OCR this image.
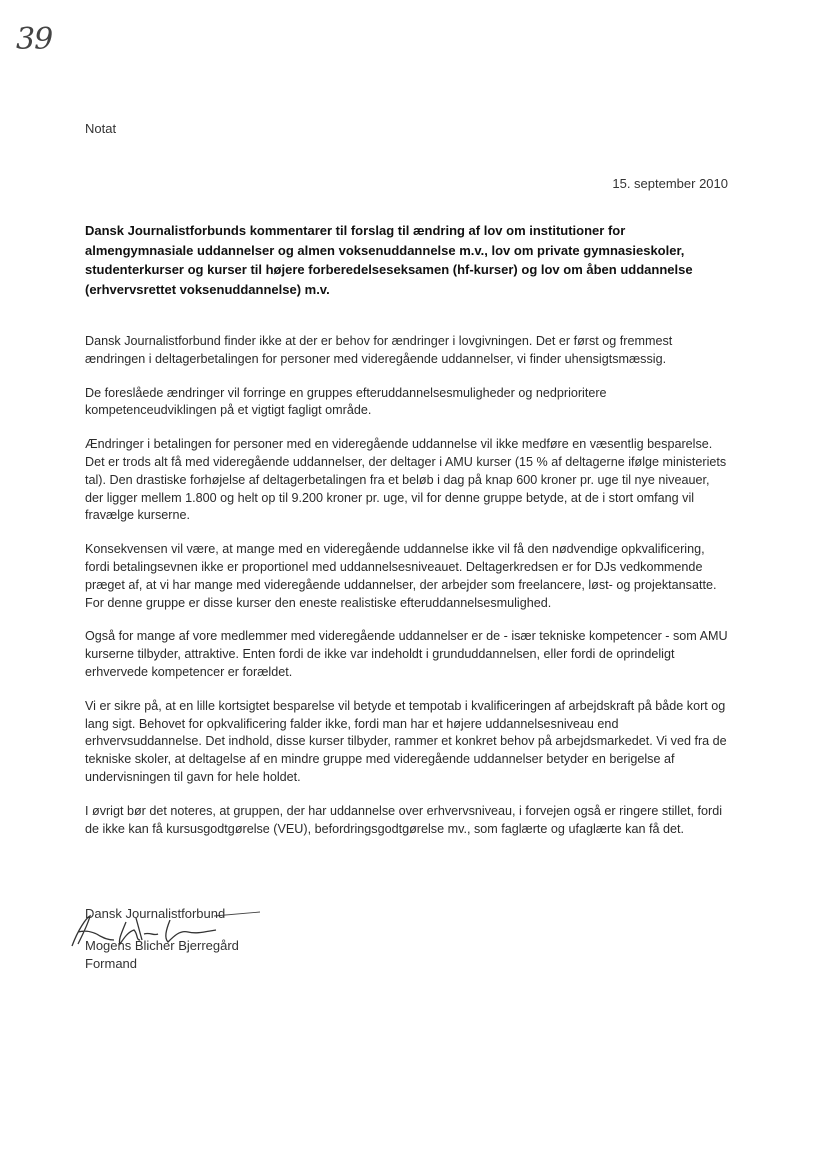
39
Notat
15. september 2010
Dansk Journalistforbunds kommentarer til forslag til ændring af lov om institutioner for almengymnasiale uddannelser og almen voksenuddannelse m.v., lov om private gymnasieskoler, studenterkurser og kurser til højere forberedelseseksamen (hf-kurser) og lov om åben uddannelse (erhvervsrettet voksenuddannelse) m.v.

Dansk Journalistforbund finder ikke at der er behov for ændringer i lovgivningen. Det er først og fremmest ændringen i deltagerbetalingen for personer med videregående uddannelser, vi finder uhensigtsmæssig.

De foreslåede ændringer vil forringe en gruppes efteruddannelsesmuligheder og nedprioritere kompetenceudviklingen på et vigtigt fagligt område.

Ændringer i betalingen for personer med en videregående uddannelse vil ikke medføre en væsentlig besparelse. Det er trods alt få med videregående uddannelser, der deltager i AMU kurser (15 % af deltagerne ifølge ministeriets tal). Den drastiske forhøjelse af deltagerbetalingen fra et beløb i dag på knap 600 kroner pr. uge til nye niveauer, der ligger mellem 1.800 og helt op til 9.200 kroner pr. uge, vil for denne gruppe betyde, at de i stort omfang vil fravælge kurserne.

Konsekvensen vil være, at mange med en videregående uddannelse ikke vil få den nødvendige opkvalificering, fordi betalingsevnen ikke er proportionel med uddannelsesniveauet. Deltagerkredsen er for DJs vedkommende præget af, at vi har mange med videregående uddannelser, der arbejder som freelancere, løst- og projektansatte. For denne gruppe er disse kurser den eneste realistiske efteruddannelsesmulighed.

Også for mange af vore medlemmer med videregående uddannelser er de - især tekniske kompetencer - som AMU kurserne tilbyder, attraktive. Enten fordi de ikke var indeholdt i grunduddannelsen, eller fordi de oprindeligt erhvervede kompetencer er forældet.

Vi er sikre på, at en lille kortsigtet besparelse vil betyde et tempotab i kvalificeringen af arbejdskraft på både kort og lang sigt. Behovet for opkvalificering falder ikke, fordi man har et højere uddannelsesniveau end erhvervsuddannelse. Det indhold, disse kurser tilbyder, rammer et konkret behov på arbejdsmarkedet. Vi ved fra de tekniske skoler, at deltagelse af en mindre gruppe med videregående uddannelser betyder en berigelse af undervisningen til gavn for hele holdet.

I øvrigt bør det noteres, at gruppen, der har uddannelse over erhvervsniveau, i forvejen også er ringere stillet, fordi de ikke kan få kursusgodtgørelse (VEU), befordringsgodtgørelse mv., som faglærte og ufaglærte kan få det.

Dansk Journalistforbund
Mogens Blicher Bjerregård
Formand
